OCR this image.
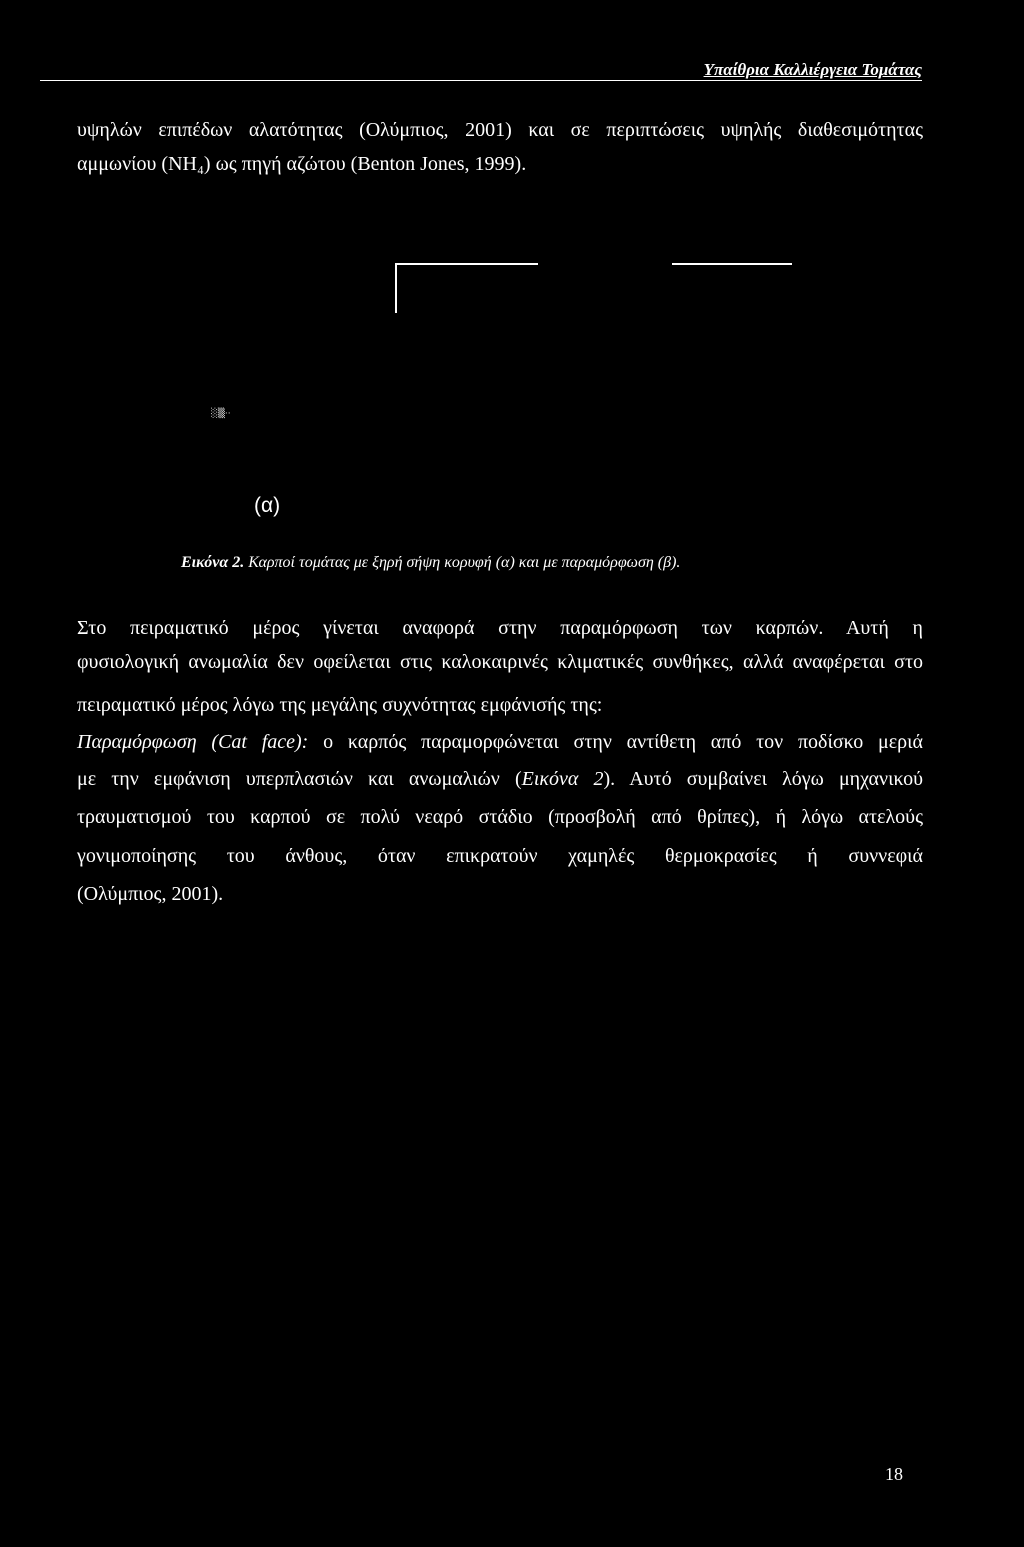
Υπαίθρια Καλλιέργεια Τομάτας
υψηλών επιπέδων αλατότητας (Ολύμπιος, 2001) και σε περιπτώσεις υψηλής διαθεσιμότητας
αμμωνίου (NH₄) ως πηγή αζώτου (Benton Jones, 1999).
░▒··
(α)
Εικόνα 2. Καρποί τομάτας με ξηρή σήψη κορυφή (α) και με παραμόρφωση (β).
Στο πειραματικό μέρος γίνεται αναφορά στην παραμόρφωση των καρπών. Αυτή η
φυσιολογική ανωμαλία δεν οφείλεται στις καλοκαιρινές κλιματικές συνθήκες, αλλά αναφέρεται στο
πειραματικό μέρος λόγω της μεγάλης συχνότητας εμφάνισής της:
Παραμόρφωση (Cat face): ο καρπός παραμορφώνεται στην αντίθετη από τον ποδίσκο μεριά
με την εμφάνιση υπερπλασιών και ανωμαλιών (Εικόνα 2). Αυτό συμβαίνει λόγω μηχανικού
τραυματισμού του καρπού σε πολύ νεαρό στάδιο (προσβολή από θρίπες), ή λόγω ατελούς
γονιμοποίησης του άνθους, όταν επικρατούν χαμηλές θερμοκρασίες ή συννεφιά
(Ολύμπιος, 2001).
18
